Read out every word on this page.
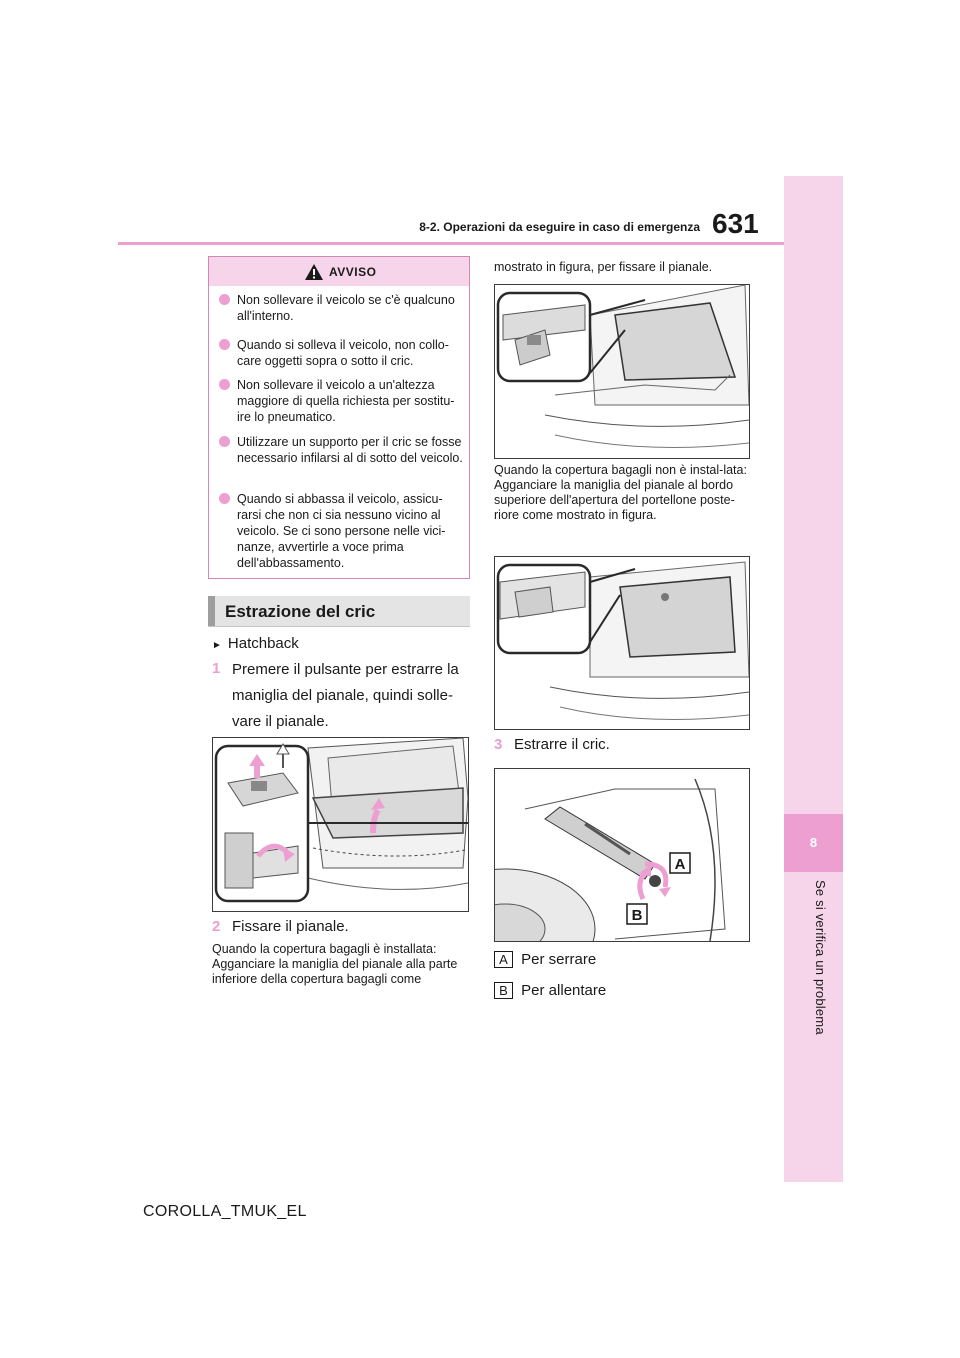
8
Se si verifica un problema
8-2. Operazioni da eseguire in caso di emergenza 631
AVVISO
Non sollevare il veicolo se c'è qualcuno all'interno.
Quando si solleva il veicolo, non collo-care oggetti sopra o sotto il cric.
Non sollevare il veicolo a un'altezza maggiore di quella richiesta per sostitu-ire lo pneumatico.
Utilizzare un supporto per il cric se fosse necessario infilarsi al di sotto del veicolo.
Quando si abbassa il veicolo, assicu-rarsi che non ci sia nessuno vicino al veicolo. Se ci sono persone nelle vici-nanze, avvertirle a voce prima dell'abbassamento.
Estrazione del cric
► Hatchback
1 Premere il pulsante per estrarre la maniglia del pianale, quindi solle-vare il pianale.
2 Fissare il pianale.
Quando la copertura bagagli è installata: Agganciare la maniglia del pianale alla parte inferiore della copertura bagagli come
mostrato in figura, per fissare il pianale.
Quando la copertura bagagli non è instal-lata: Agganciare la maniglia del pianale al bordo superiore dell'apertura del portellone poste-riore come mostrato in figura.
3 Estrarre il cric.
A
B
A Per serrare
B Per allentare
COROLLA_TMUK_EL
